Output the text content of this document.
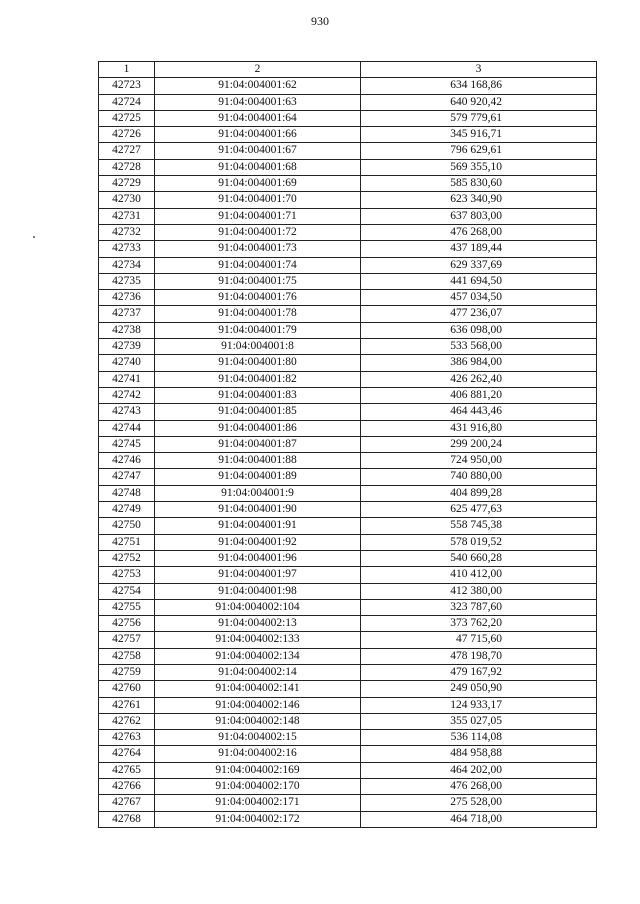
930
1	2	3
42723	91:04:004001:62	634 168,86
42724	91:04:004001:63	640 920,42
42725	91:04:004001:64	579 779,61
42726	91:04:004001:66	345 916,71
42727	91:04:004001:67	796 629,61
42728	91:04:004001:68	569 355,10
42729	91:04:004001:69	585 830,60
42730	91:04:004001:70	623 340,90
42731	91:04:004001:71	637 803,00
42732	91:04:004001:72	476 268,00
42733	91:04:004001:73	437 189,44
42734	91:04:004001:74	629 337,69
42735	91:04:004001:75	441 694,50
42736	91:04:004001:76	457 034,50
42737	91:04:004001:78	477 236,07
42738	91:04:004001:79	636 098,00
42739	91:04:004001:8	533 568,00
42740	91:04:004001:80	386 984,00
42741	91:04:004001:82	426 262,40
42742	91:04:004001:83	406 881,20
42743	91:04:004001:85	464 443,46
42744	91:04:004001:86	431 916,80
42745	91:04:004001:87	299 200,24
42746	91:04:004001:88	724 950,00
42747	91:04:004001:89	740 880,00
42748	91:04:004001:9	404 899,28
42749	91:04:004001:90	625 477,63
42750	91:04:004001:91	558 745,38
42751	91:04:004001:92	578 019,52
42752	91:04:004001:96	540 660,28
42753	91:04:004001:97	410 412,00
42754	91:04:004001:98	412 380,00
42755	91:04:004002:104	323 787,60
42756	91:04:004002:13	373 762,20
42757	91:04:004002:133	47 715,60
42758	91:04:004002:134	478 198,70
42759	91:04:004002:14	479 167,92
42760	91:04:004002:141	249 050,90
42761	91:04:004002:146	124 933,17
42762	91:04:004002:148	355 027,05
42763	91:04:004002:15	536 114,08
42764	91:04:004002:16	484 958,88
42765	91:04:004002:169	464 202,00
42766	91:04:004002:170	476 268,00
42767	91:04:004002:171	275 528,00
42768	91:04:004002:172	464 718,00
